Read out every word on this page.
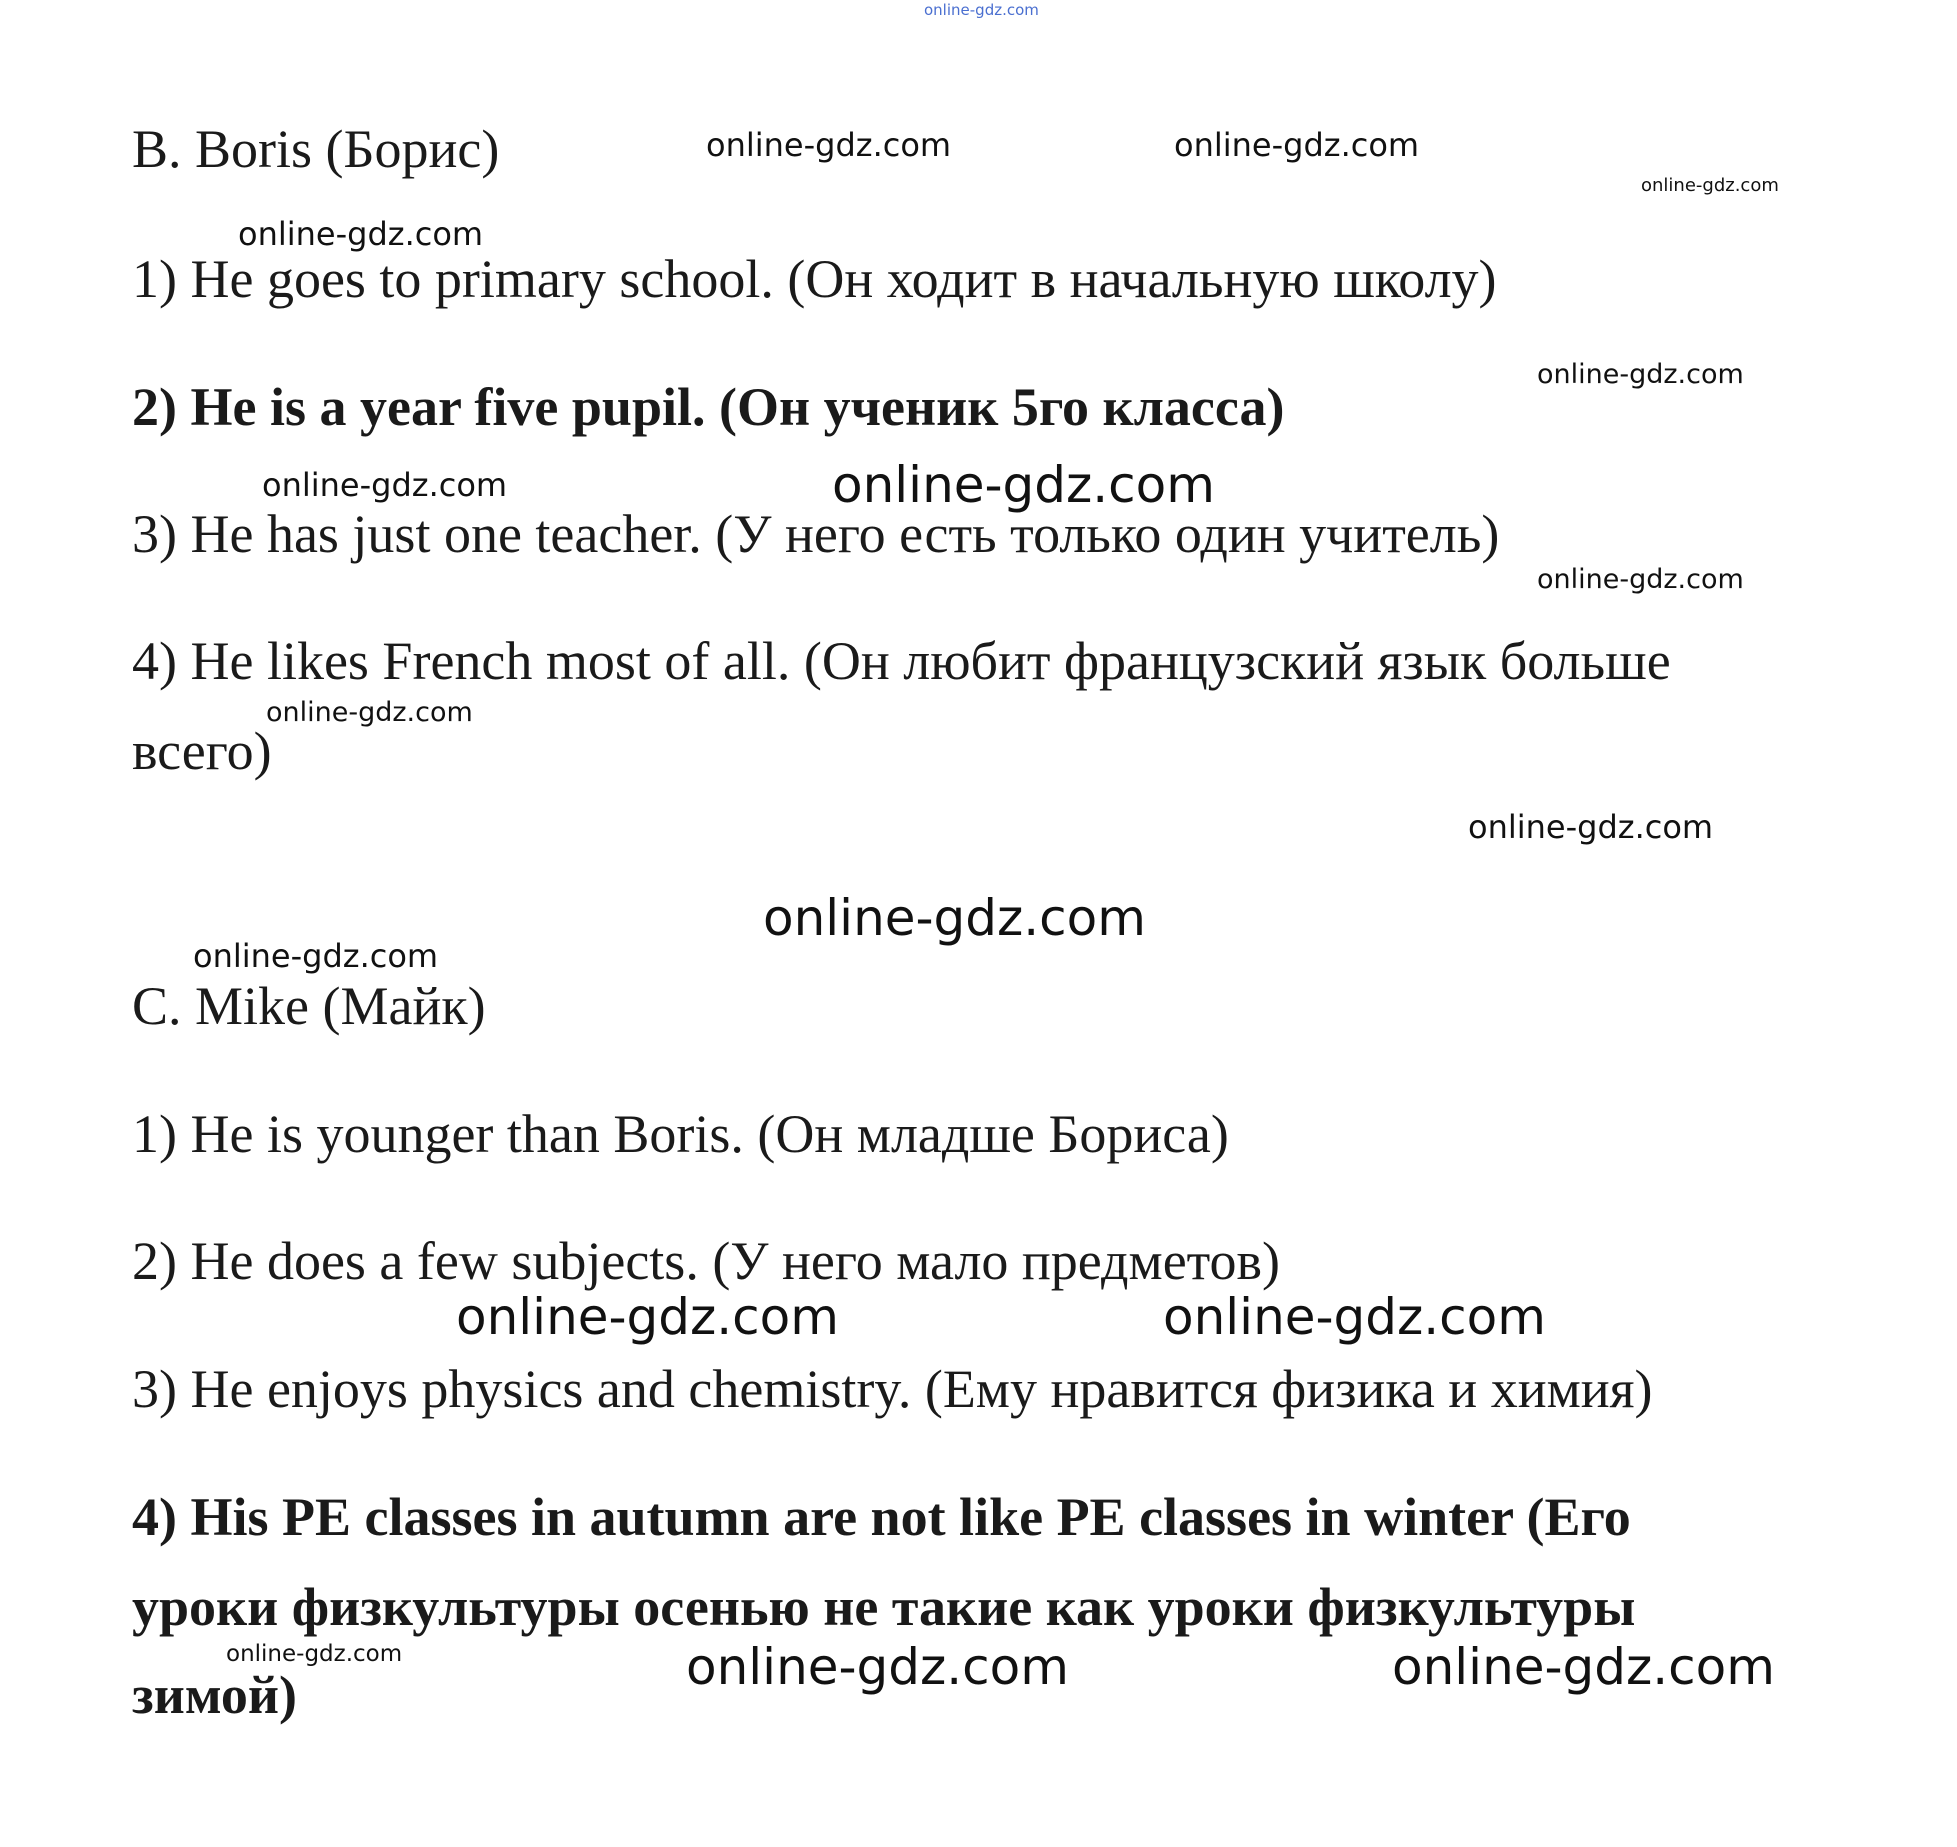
B. Boris (Борис)

1) He goes to primary school. (Он ходит в начальную школу)

2) He is a year five pupil. (Он ученик 5го класса)

3) He has just one teacher. (У него есть только один учитель)

4) He likes French most of all. (Он любит французский язык больше

всего)

C. Mike (Майк)

1) He is younger than Boris. (Он младше Бориса)

2) He does a few subjects. (У него мало предметов)

3) He enjoys physics and chemistry. (Ему нравится физика и химия)

4) His PE classes in autumn are not like PE classes in winter (Его

уроки физкультуры осенью не такие как уроки физкультуры

зимой)

online-gdz.com
online-gdz.com	online-gdz.com
online-gdz.com
online-gdz.com
online-gdz.com
online-gdz.com	online-gdz.com
online-gdz.com
online-gdz.com
online-gdz.com
online-gdz.com
online-gdz.com
online-gdz.com	online-gdz.com
online-gdz.com	online-gdz.com	online-gdz.com
